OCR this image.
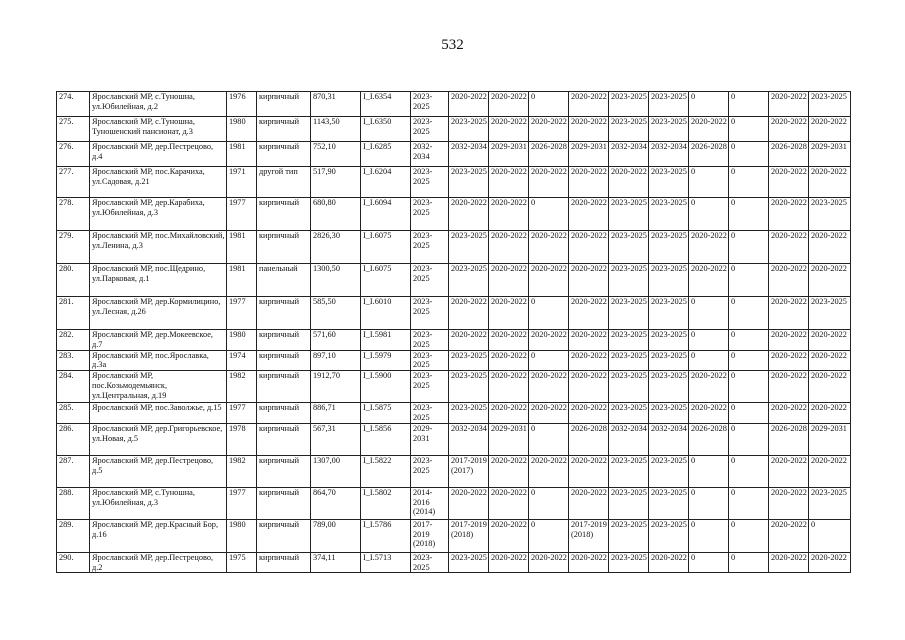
532
274.	Ярославский МР, с.Туношна, ул.Юбилейная, д.2	1976	кирпичный	870,31	I_I.6354	2023-2025	2020-2022	2020-2022	0	2020-2022	2023-2025	2023-2025	0	0	2020-2022	2023-2025
275.	Ярославский МР, с.Туношна, Туношенский пансионат, д.3	1980	кирпичный	1143,50	I_I.6350	2023-2025	2023-2025	2020-2022	2020-2022	2020-2022	2023-2025	2023-2025	2020-2022	0	2020-2022	2020-2022
276.	Ярославский МР, дер.Пестрецово, д.4	1981	кирпичный	752,10	I_I.6285	2032-2034	2032-2034	2029-2031	2026-2028	2029-2031	2032-2034	2032-2034	2026-2028	0	2026-2028	2029-2031
277.	Ярославский МР, пос.Карачиха, ул.Садовая, д.21	1971	другой тип	517,90	I_I.6204	2023-2025	2023-2025	2020-2022	2020-2022	2020-2022	2020-2022	2023-2025	0	0	2020-2022	2020-2022
278.	Ярославский МР, дер.Карабиха, ул.Юбилейная, д.3	1977	кирпичный	680,80	I_I.6094	2023-2025	2020-2022	2020-2022	0	2020-2022	2023-2025	2023-2025	0	0	2020-2022	2023-2025
279.	Ярославский МР, пос.Михайловский, ул.Ленина, д.3	1981	кирпичный	2826,30	I_I.6075	2023-2025	2023-2025	2020-2022	2020-2022	2020-2022	2023-2025	2023-2025	2020-2022	0	2020-2022	2020-2022
280.	Ярославский МР, пос.Щедрино, ул.Парковая, д.1	1981	панельный	1300,50	I_I.6075	2023-2025	2023-2025	2020-2022	2020-2022	2020-2022	2023-2025	2023-2025	2020-2022	0	2020-2022	2020-2022
281.	Ярославский МР, дер.Кормилицино, ул.Лесная, д.26	1977	кирпичный	585,50	I_I.6010	2023-2025	2020-2022	2020-2022	0	2020-2022	2023-2025	2023-2025	0	0	2020-2022	2023-2025
282.	Ярославский МР, дер.Мокеевское, д.7	1980	кирпичный	571,60	I_I.5981	2023-2025	2020-2022	2020-2022	2020-2022	2020-2022	2023-2025	2023-2025	0	0	2020-2022	2020-2022
283.	Ярославский МР, пос.Ярославка, д.3а	1974	кирпичный	897,10	I_I.5979	2023-2025	2023-2025	2020-2022	0	2020-2022	2023-2025	2023-2025	0	0	2020-2022	2020-2022
284.	Ярославский МР, пос.Козьмодемьянск, ул.Центральная, д.19	1982	кирпичный	1912,70	I_I.5900	2023-2025	2023-2025	2020-2022	2020-2022	2020-2022	2023-2025	2023-2025	2020-2022	0	2020-2022	2020-2022
285.	Ярославский МР, пос.Заволжье, д.15	1977	кирпичный	886,71	I_I.5875	2023-2025	2023-2025	2020-2022	2020-2022	2020-2022	2023-2025	2023-2025	2020-2022	0	2020-2022	2020-2022
286.	Ярославский МР, дер.Григорьевское, ул.Новая, д.5	1978	кирпичный	567,31	I_I.5856	2029-2031	2032-2034	2029-2031	0	2026-2028	2032-2034	2032-2034	2026-2028	0	2026-2028	2029-2031
287.	Ярославский МР, дер.Пестрецово, д.5	1982	кирпичный	1307,00	I_I.5822	2023-2025	2017-2019 (2017)	2020-2022	2020-2022	2020-2022	2023-2025	2023-2025	0	0	2020-2022	2020-2022
288.	Ярославский МР, с.Туношна, ул.Юбилейная, д.3	1977	кирпичный	864,70	I_I.5802	2014-2016 (2014)	2020-2022	2020-2022	0	2020-2022	2023-2025	2023-2025	0	0	2020-2022	2023-2025
289.	Ярославский МР, дер.Красный Бор, д.16	1980	кирпичный	789,00	I_I.5786	2017-2019 (2018)	2017-2019 (2018)	2020-2022	0	2017-2019 (2018)	2023-2025	2023-2025	0	0	2020-2022	0
290.	Ярославский МР, дер.Пестрецово, д.2	1975	кирпичный	374,11	I_I.5713	2023-2025	2023-2025	2020-2022	2020-2022	2020-2022	2023-2025	2020-2022	0	0	2020-2022	2020-2022
